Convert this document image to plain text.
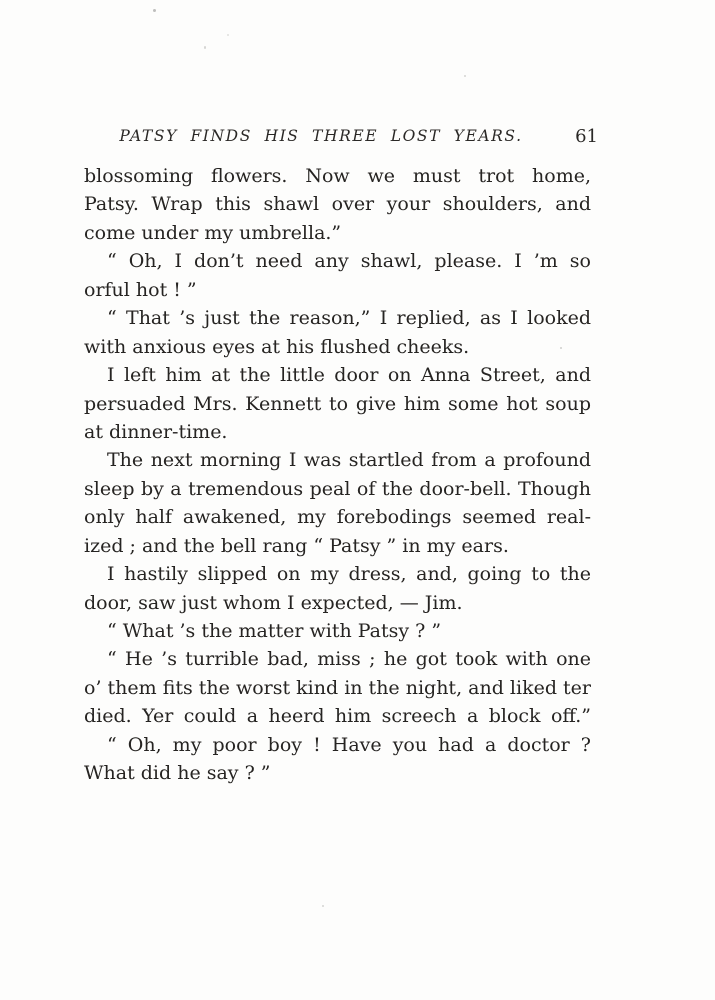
PATSY FINDS HIS THREE LOST YEARS.	61

blossoming flowers. Now we must trot home,
Patsy. Wrap this shawl over your shoulders, and
come under my umbrella.”

“ Oh, I don’t need any shawl, please. I ’m so
orful hot ! ”

“ That ’s just the reason,” I replied, as I looked
with anxious eyes at his flushed cheeks.

I left him at the little door on Anna Street, and
persuaded Mrs. Kennett to give him some hot soup
at dinner-time.

The next morning I was startled from a profound
sleep by a tremendous peal of the door-bell. Though
only half awakened, my forebodings seemed real-
ized ; and the bell rang “ Patsy ” in my ears.

I hastily slipped on my dress, and, going to the
door, saw just whom I expected, — Jim.

“ What ’s the matter with Patsy ? ”

“ He ’s turrible bad, miss ; he got took with one
o’ them fits the worst kind in the night, and liked ter
died. Yer could a heerd him screech a block off.”

“ Oh, my poor boy ! Have you had a doctor ?
What did he say ? ”
